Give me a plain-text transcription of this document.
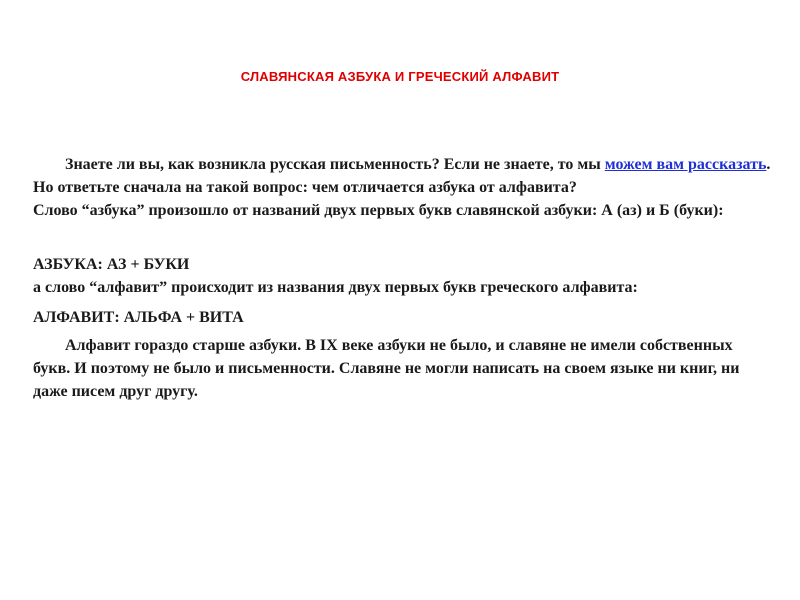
СЛАВЯНСКАЯ АЗБУКА И ГРЕЧЕСКИЙ АЛФАВИТ

Знаете ли вы, как возникла русская письменность? Если не знаете, то мы можем вам рассказать. Но ответьте сначала на такой вопрос: чем отличается азбука от алфавита?

Слово “азбука” произошло от названий двух первых букв славянской азбуки: А (аз) и Б (буки):

АЗБУКА: АЗ + БУКИ

а слово “алфавит” происходит из названия двух первых букв греческого алфавита:

АЛФАВИТ: АЛЬФА + ВИТА

Алфавит гораздо старше азбуки. В IX веке азбуки не было, и славяне не имели собственных букв. И поэтому не было и письменности. Славяне не могли написать на своем языке ни книг, ни даже писем друг другу.
